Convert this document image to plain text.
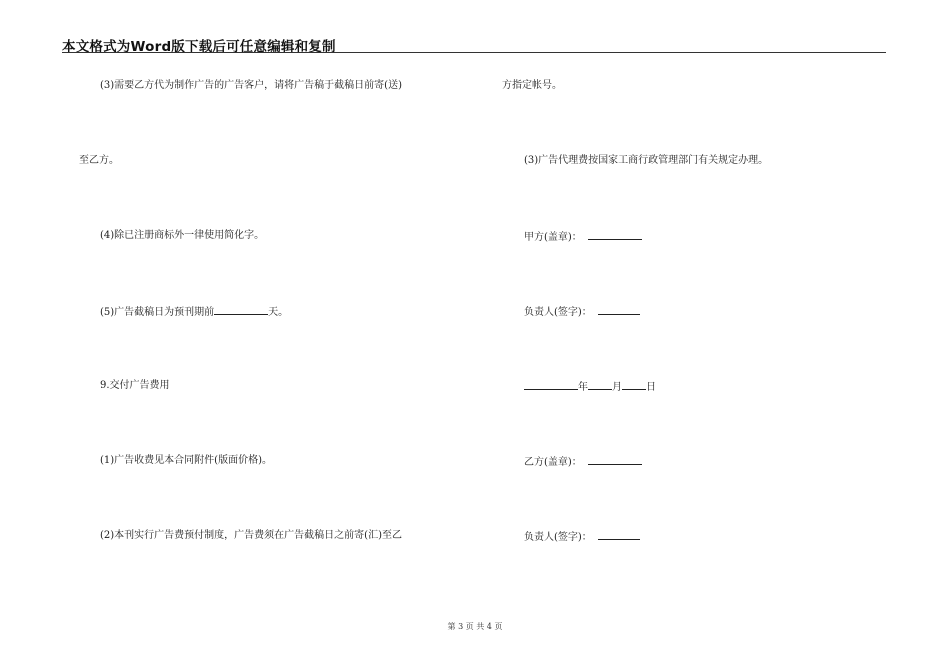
本文格式为Word版下载后可任意编辑和复制
(3)需要乙方代为制作广告的广告客户，请将广告稿于截稿日前寄(送)
至乙方。
(4)除已注册商标外一律使用简化字。
(5)广告截稿日为预刊期前	天。
9.交付广告费用
(1)广告收费见本合同附件(版面价格)。
(2)本刊实行广告费预付制度，广告费须在广告截稿日之前寄(汇)至乙
方指定帐号。
(3)广告代理费按国家工商行政管理部门有关规定办理。
甲方(盖章)：
负责人(签字)：
年 月 日
乙方(盖章)：
负责人(签字)：
第 3 页 共 4 页
